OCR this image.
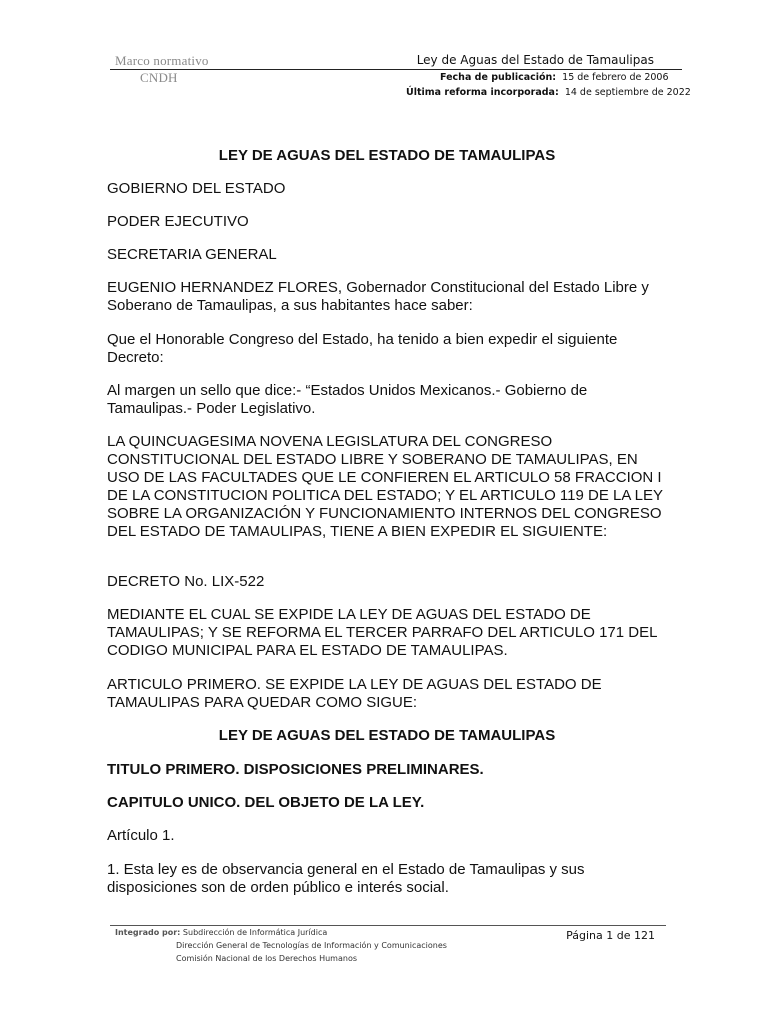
Marco normativo
CNDH
Ley de Aguas del Estado de Tamaulipas
Fecha de publicación: 15 de febrero de 2006
Última reforma incorporada: 14 de septiembre de 2022
LEY DE AGUAS DEL ESTADO DE TAMAULIPAS
GOBIERNO DEL ESTADO
PODER EJECUTIVO
SECRETARIA GENERAL
EUGENIO HERNANDEZ FLORES, Gobernador Constitucional del Estado Libre y Soberano de Tamaulipas, a sus habitantes hace saber:
Que el Honorable Congreso del Estado, ha tenido a bien expedir el siguiente Decreto:
Al margen un sello que dice:- “Estados Unidos Mexicanos.- Gobierno de Tamaulipas.- Poder Legislativo.
LA QUINCUAGESIMA NOVENA LEGISLATURA DEL CONGRESO CONSTITUCIONAL DEL ESTADO LIBRE Y SOBERANO DE TAMAULIPAS, EN USO DE LAS FACULTADES QUE LE CONFIEREN EL ARTICULO 58 FRACCION I DE LA CONSTITUCION POLITICA DEL ESTADO; Y EL ARTICULO 119 DE LA LEY SOBRE LA ORGANIZACIÓN Y FUNCIONAMIENTO INTERNOS DEL CONGRESO DEL ESTADO DE TAMAULIPAS, TIENE A BIEN EXPEDIR EL SIGUIENTE:
DECRETO No. LIX-522
MEDIANTE EL CUAL SE EXPIDE LA LEY DE AGUAS DEL ESTADO DE TAMAULIPAS; Y SE REFORMA EL TERCER PARRAFO DEL ARTICULO 171 DEL CODIGO MUNICIPAL PARA EL ESTADO DE TAMAULIPAS.
ARTICULO PRIMERO. SE EXPIDE LA LEY DE AGUAS DEL ESTADO DE TAMAULIPAS PARA QUEDAR COMO SIGUE:
LEY DE AGUAS DEL ESTADO DE TAMAULIPAS
TITULO PRIMERO. DISPOSICIONES PRELIMINARES.
CAPITULO UNICO. DEL OBJETO DE LA LEY.
Artículo 1.
1. Esta ley es de observancia general en el Estado de Tamaulipas y sus disposiciones son de orden público e interés social.
Integrado por: Subdirección de Informática Jurídica
Dirección General de Tecnologías de Información y Comunicaciones
Comisión Nacional de los Derechos Humanos
Página 1 de 121
